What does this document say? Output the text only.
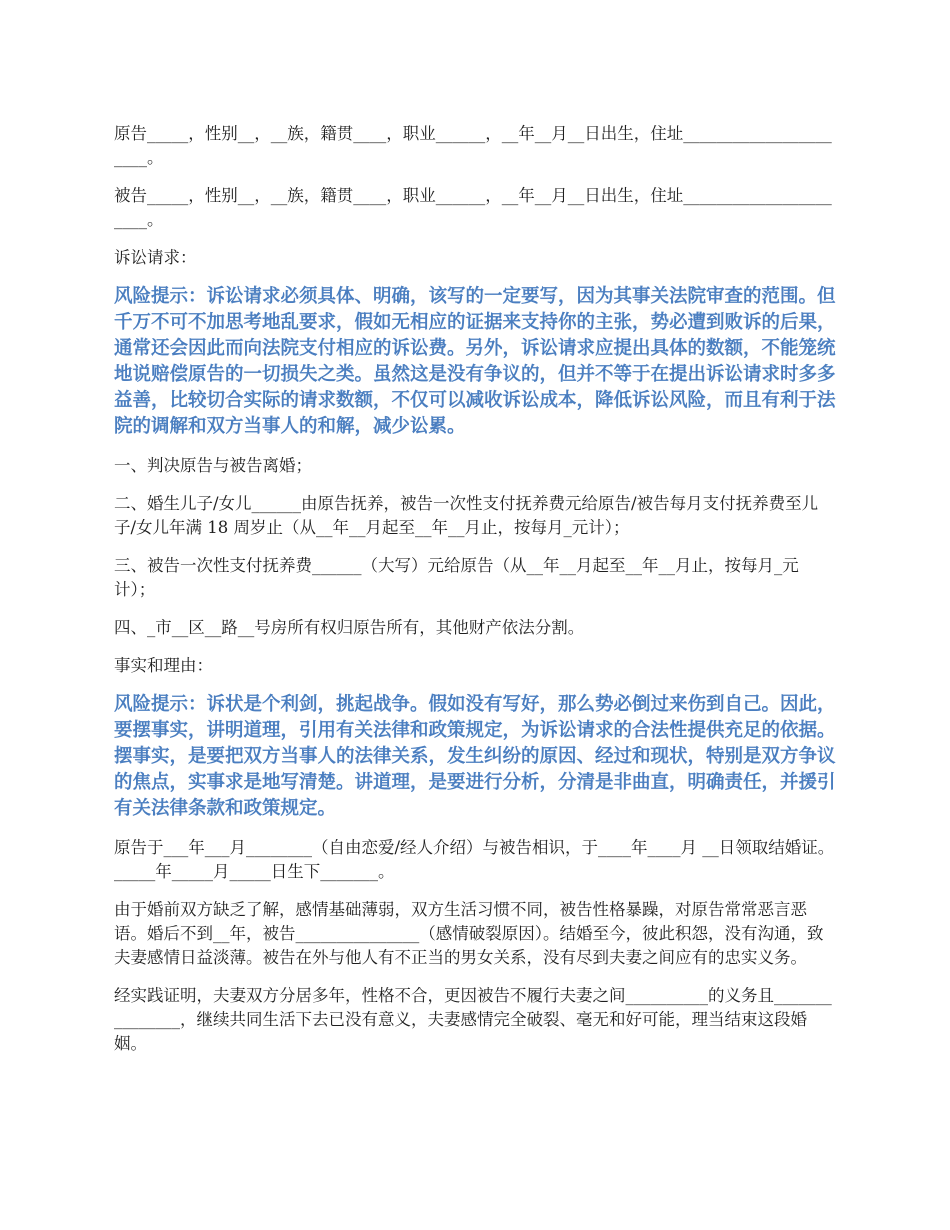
原告_____，性别__，__族，籍贯____，职业______，__年__月__日出生，住址______________________。

被告_____，性别__，__族，籍贯____，职业______，__年__月__日出生，住址______________________。

诉讼请求：

风险提示：诉讼请求必须具体、明确，该写的一定要写，因为其事关法院审查的范围。但千万不可不加思考地乱要求，假如无相应的证据来支持你的主张，势必遭到败诉的后果，通常还会因此而向法院支付相应的诉讼费。另外，诉讼请求应提出具体的数额，不能笼统地说赔偿原告的一切损失之类。虽然这是没有争议的，但并不等于在提出诉讼请求时多多益善，比较切合实际的请求数额，不仅可以减收诉讼成本，降低诉讼风险，而且有利于法院的调解和双方当事人的和解，减少讼累。

一、判决原告与被告离婚；

二、婚生儿子/女儿______由原告抚养，被告一次性支付抚养费元给原告/被告每月支付抚养费至儿子/女儿年满 18 周岁止（从__年__月起至__年__月止，按每月_元计）；

三、被告一次性支付抚养费______（大写）元给原告（从__年__月起至__年__月止，按每月_元计）；

四、_市__区__路__号房所有权归原告所有，其他财产依法分割。

事实和理由：

风险提示：诉状是个利剑，挑起战争。假如没有写好，那么势必倒过来伤到自己。因此，要摆事实，讲明道理，引用有关法律和政策规定，为诉讼请求的合法性提供充足的依据。摆事实，是要把双方当事人的法律关系，发生纠纷的原因、经过和现状，特别是双方争议的焦点，实事求是地写清楚。讲道理，是要进行分析，分清是非曲直，明确责任，并援引有关法律条款和政策规定。

原告于___年___月________（自由恋爱/经人介绍）与被告相识，于____年____月 __日领取结婚证。_____年_____月_____日生下_______。

由于婚前双方缺乏了解，感情基础薄弱，双方生活习惯不同，被告性格暴躁，对原告常常恶言恶语。婚后不到__年，被告_______________（感情破裂原因）。结婚至今，彼此积怨，没有沟通，致夫妻感情日益淡薄。被告在外与他人有不正当的男女关系，没有尽到夫妻之间应有的忠实义务。

经实践证明，夫妻双方分居多年，性格不合，更因被告不履行夫妻之间__________的义务且_______________，继续共同生活下去已没有意义，夫妻感情完全破裂、毫无和好可能，理当结束这段婚姻。
